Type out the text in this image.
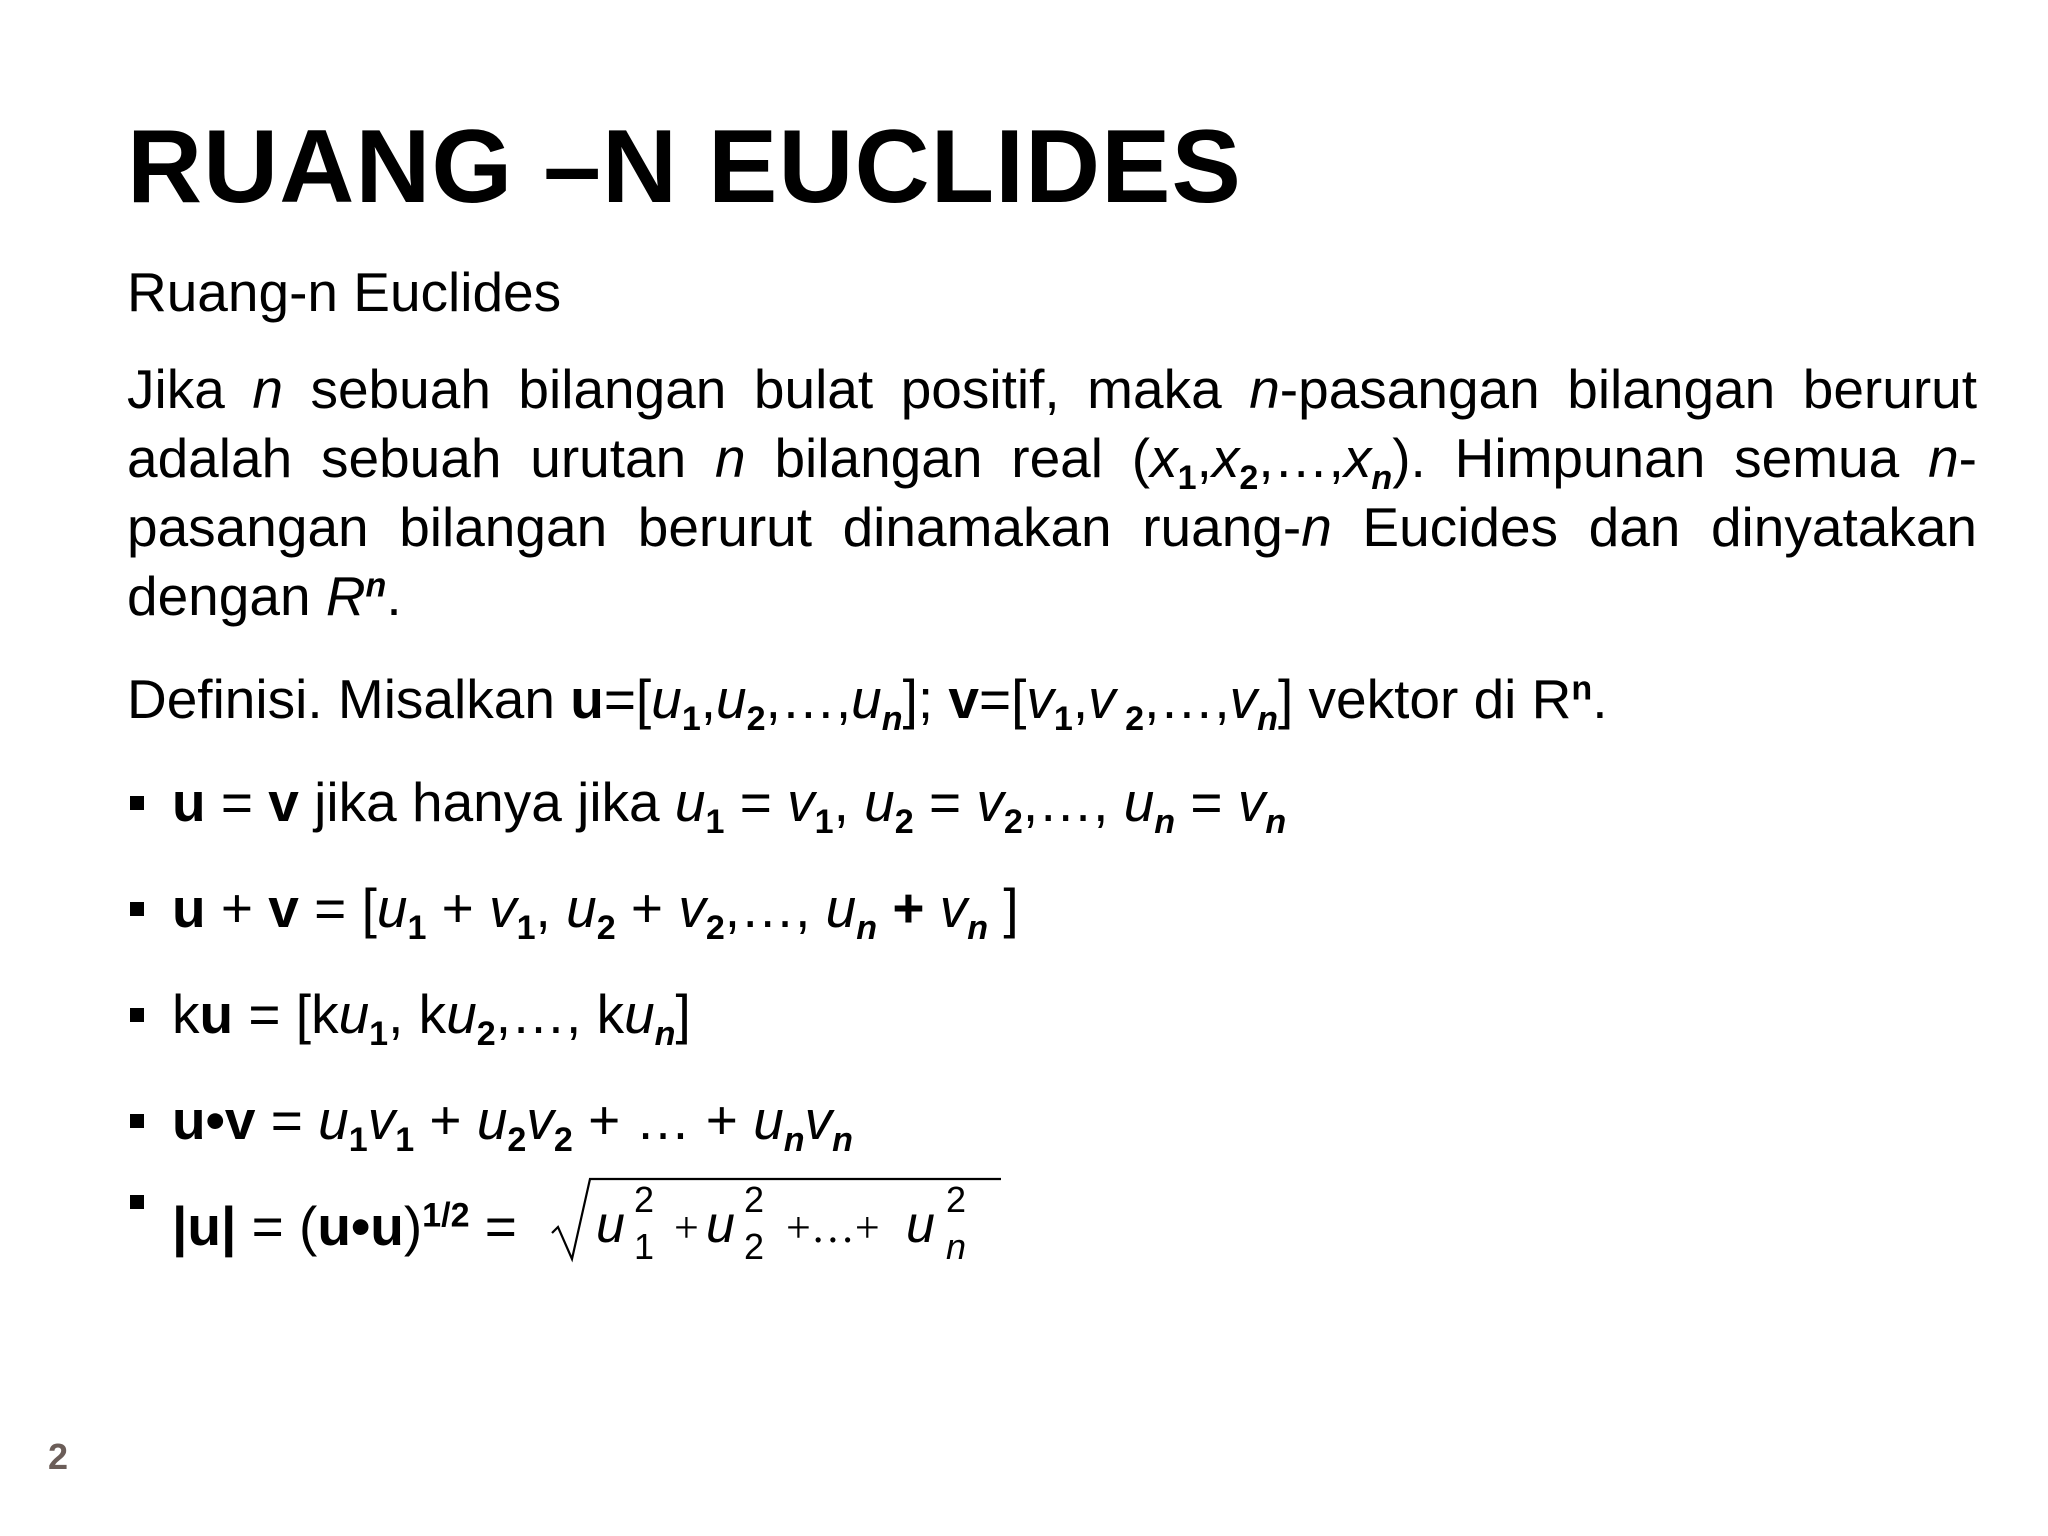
RUANG –N EUCLIDES

Ruang-n Euclides

Jika n sebuah bilangan bulat positif, maka n-pasangan bilangan berurut adalah sebuah urutan n bilangan real $(x_1,x_2,\dots,x_n)$. Himpunan semua n-pasangan bilangan berurut dinamakan ruang-n Eucides dan dinyatakan dengan $R^n$.

Definisi. Misalkan $u=[u_1,u_2,\dots,u_n]$; $v=[v_1,v$ $_2,\dots,v_n$] vektor di $R^n$.

u = v jika hanya jika $u_1 = v_1$, $u_2$ = $v_2,\dots$, $u_n = v_n$
$u + v = [u_1 + v_1$, $u_2$ + $v_2,\dots$, $u_n + v_n$ ]
ku = [$ku_1$, $ku_2,\dots$, $ku_n$]
u•v = $u_1v_1 + u_2v_2$ + … + $u_nv_n$
|u| = (u•u)$^{1/2}$ = u 2
1 + u 2
2 +…+ u 2
n
2
